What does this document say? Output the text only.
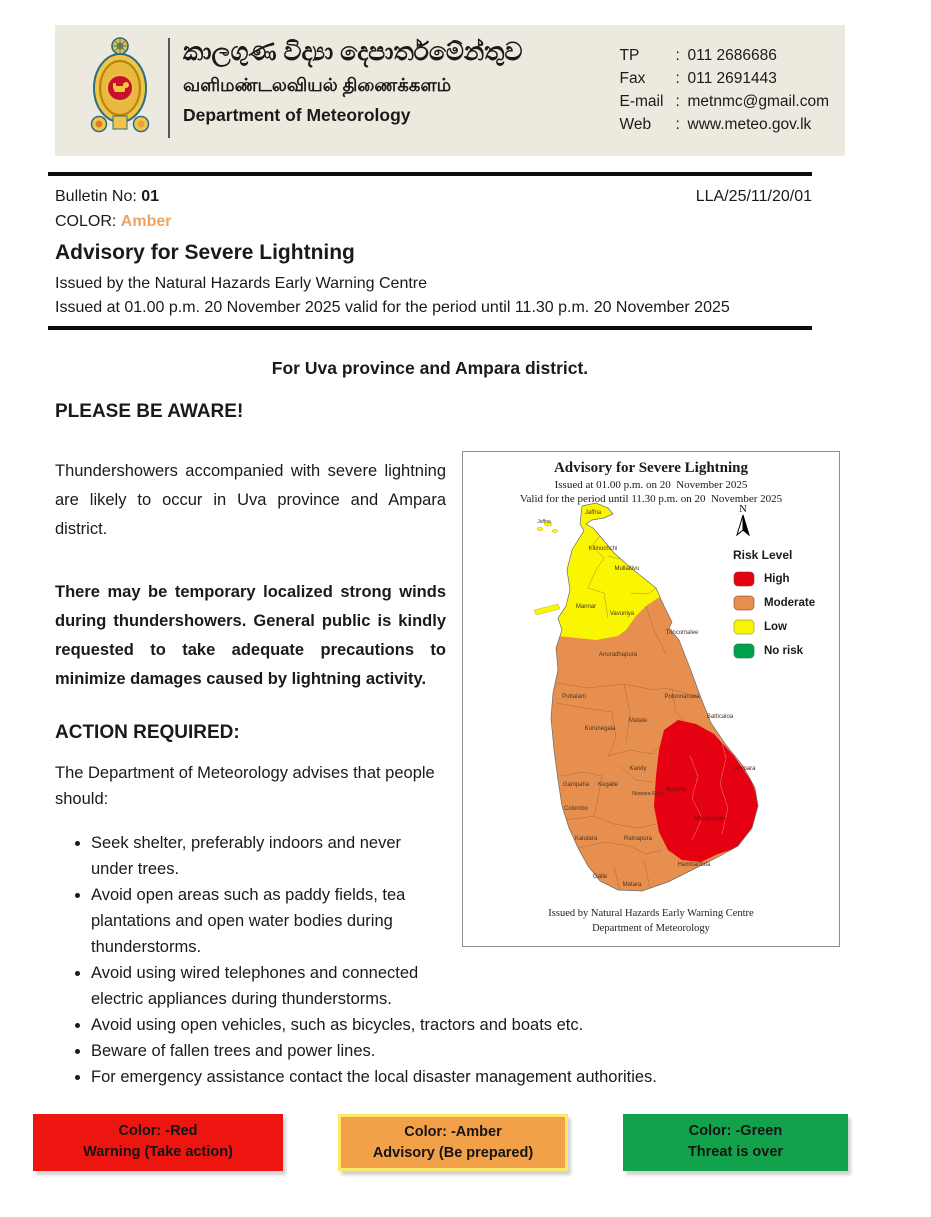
කාලගුණ විද්‍යා දෙපාර්තමේන්තුව
வளிமண்டலவியல் திணைக்களம்
Department of Meteorology
TP	: 011 2686686
Fax	: 011 2691443
E-mail : metnmc@gmail.com
Web	: www.meteo.gov.lk
Bulletin No: 01	LLA/25/11/20/01
COLOR: Amber
Advisory for Severe Lightning
Issued by the Natural Hazards Early Warning Centre
Issued at 01.00 p.m. 20 November 2025 valid for the period until 11.30 p.m. 20 November 2025
For Uva province and Ampara district.
Advisory for Severe Lightning
Issued at 01.00 p.m. on 20  November 2025
Valid for the period until 11.30 p.m. on 20  November 2025
N
Risk Level
High
Moderate
Low
No risk
Jaffna
Jaffna
Kilinochchi
Mullaitivu
Mannar
Vavuniya
Trincomalee
Anuradhapura
Puttalam	Polonnaruwa
Batticaloa
Matale
Kurunegala
Kandy
Gampaha Kegalle
Nuwara Eliya
Colombo
Kalutara	Ratnapura
Galle
Matara
Hambantota
Badulla
Monaragala
Ampara
Issued by Natural Hazards Early Warning Centre
Department of Meteorology
PLEASE BE AWARE!

Thundershowers accompanied with severe lightning are likely to occur in Uva province and Ampara district.

There may be temporary localized strong winds during thundershowers. General public is kindly requested to take adequate precautions to minimize damages caused by lightning activity.

ACTION REQUIRED:

The Department of Meteorology advises that people should:

• Seek shelter, preferably indoors and never under trees.
• Avoid open areas such as paddy fields, tea plantations and open water bodies during thunderstorms.
• Avoid using wired telephones and connected electric appliances during thunderstorms.
• Avoid using open vehicles, such as bicycles, tractors and boats etc.
• Beware of fallen trees and power lines.
• For emergency assistance contact the local disaster management authorities.
Color: -Red
Warning (Take action)
Color: -Amber
Advisory (Be prepared)
Color: -Green
Threat is over
